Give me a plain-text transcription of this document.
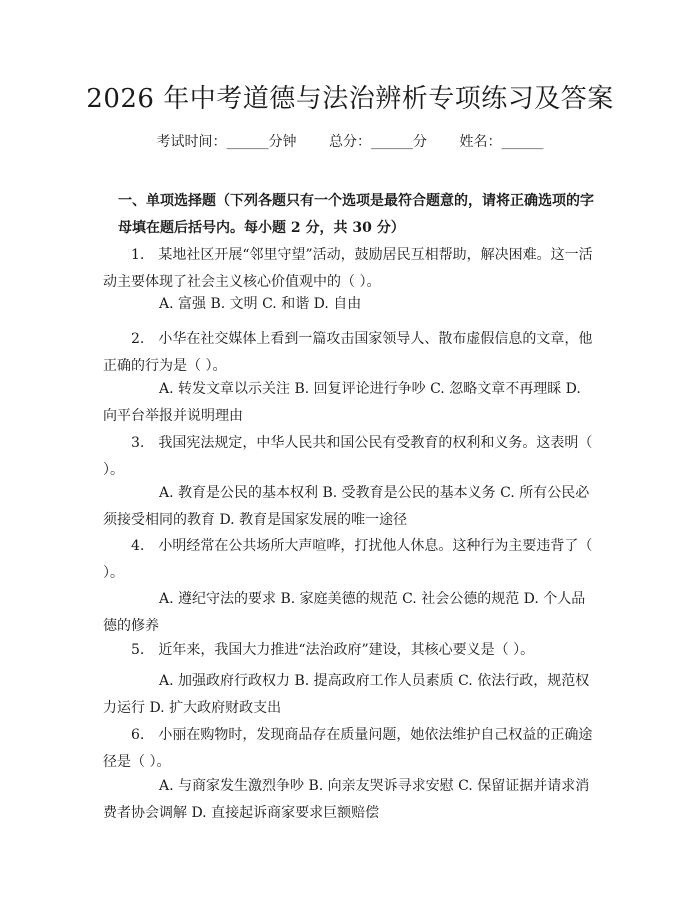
2026 年中考道德与法治辨析专项练习及答案
考试时间：______分钟 总分：______分 姓名：______
一、单项选择题（下列各题只有一个选项是最符合题意的，请将正确选项的字母填在题后括号内。每小题 2 分，共 30 分）
1.　某地社区开展“邻里守望”活动，鼓励居民互相帮助，解决困难。这一活动主要体现了社会主义核心价值观中的（ ）。
A. 富强 B. 文明 C. 和谐 D. 自由
2.　小华在社交媒体上看到一篇攻击国家领导人、散布虚假信息的文章，他正确的行为是（ ）。
A. 转发文章以示关注 B. 回复评论进行争吵 C. 忽略文章不再理睬 D. 向平台举报并说明理由
3.　我国宪法规定，中华人民共和国公民有受教育的权利和义务。这表明（ ）。
A. 教育是公民的基本权利 B. 受教育是公民的基本义务 C. 所有公民必须接受相同的教育 D. 教育是国家发展的唯一途径
4.　小明经常在公共场所大声喧哗，打扰他人休息。这种行为主要违背了（ ）。
A. 遵纪守法的要求 B. 家庭美德的规范 C. 社会公德的规范 D. 个人品德的修养
5.　近年来，我国大力推进“法治政府”建设，其核心要义是（ ）。
A. 加强政府行政权力 B. 提高政府工作人员素质 C. 依法行政，规范权力运行 D. 扩大政府财政支出
6.　小丽在购物时，发现商品存在质量问题，她依法维护自己权益的正确途径是（ ）。
A. 与商家发生激烈争吵 B. 向亲友哭诉寻求安慰 C. 保留证据并请求消费者协会调解 D. 直接起诉商家要求巨额赔偿
